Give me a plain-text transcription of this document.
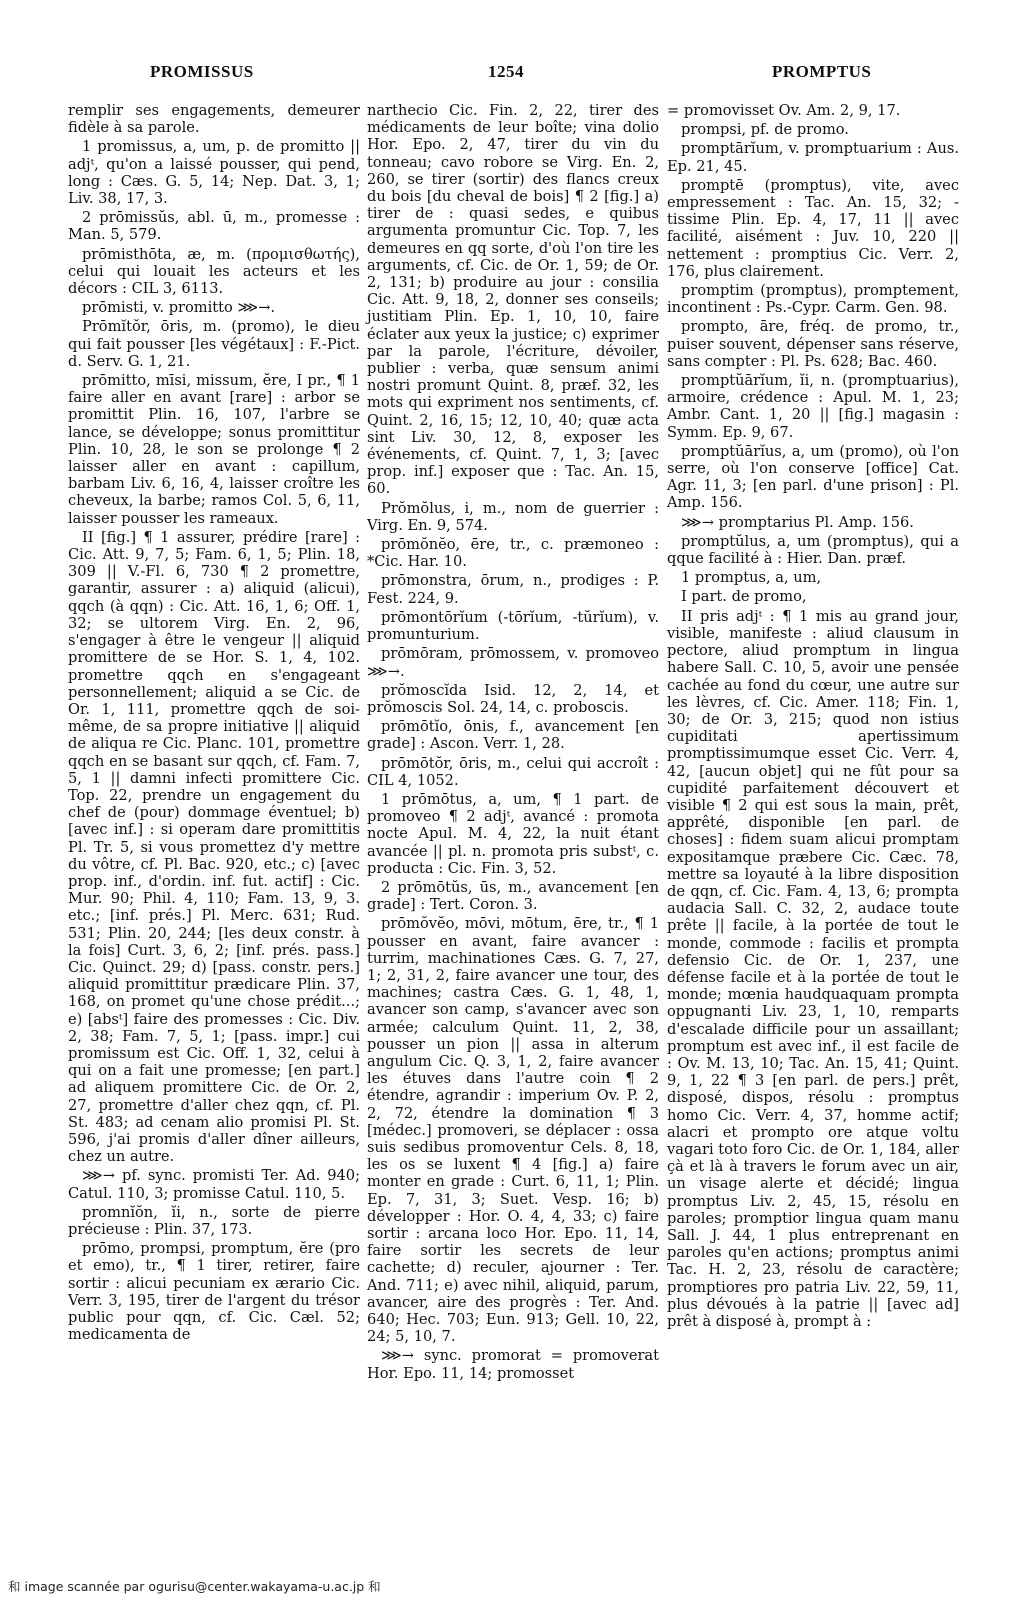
PROMISSUS	1254	PROMPTUS

remplir ses engagements, demeurer fidèle à sa parole.

1 promissus, a, um, p. de promitto || adjᵗ, qu'on a laissé pousser, qui pend, long : Cæs. G. 5, 14; Nep. Dat. 3, 1; Liv. 38, 17, 3.

2 prōmissŭs, abl. ū, m., promesse : Man. 5, 579.

prōmisthōta, æ, m. (προμισθωτής), celui qui louait les acteurs et les décors : CIL 3, 6113.

prōmisti, v. promitto ⋙→.

Prōmĭtŏr, ōris, m. (promo), le dieu qui fait pousser [les végétaux] : F.-Pict. d. Serv. G. 1, 21.

prōmitto, mīsi, missum, ĕre, I pr., ¶ 1 faire aller en avant [rare] : arbor se promittit Plin. 16, 107, l'arbre se lance, se développe; sonus promittitur Plin. 10, 28, le son se prolonge ¶ 2 laisser aller en avant : capillum, barbam Liv. 6, 16, 4, laisser croître les cheveux, la barbe; ramos Col. 5, 6, 11, laisser pousser les rameaux.

II [fig.] ¶ 1 assurer, prédire [rare] : Cic. Att. 9, 7, 5; Fam. 6, 1, 5; Plin. 18, 309 || V.-Fl. 6, 730 ¶ 2 promettre, garantir, assurer : a) aliquid (alicui), qqch (à qqn) : Cic. Att. 16, 1, 6; Off. 1, 32; se ultorem Virg. En. 2, 96, s'engager à être le vengeur || aliquid promittere de se Hor. S. 1, 4, 102. promettre qqch en s'engageant personnellement; aliquid a se Cic. de Or. 1, 111, promettre qqch de soi-même, de sa propre initiative || aliquid de aliqua re Cic. Planc. 101, promettre qqch en se basant sur qqch, cf. Fam. 7, 5, 1 || damni infecti promittere Cic. Top. 22, prendre un engagement du chef de (pour) dommage éventuel; b) [avec inf.] : si operam dare promittitis Pl. Tr. 5, si vous promettez d'y mettre du vôtre, cf. Pl. Bac. 920, etc.; c) [avec prop. inf., d'ordin. inf. fut. actif] : Cic. Mur. 90; Phil. 4, 110; Fam. 13, 9, 3. etc.; [inf. prés.] Pl. Merc. 631; Rud. 531; Plin. 20, 244; [les deux constr. à la fois] Curt. 3, 6, 2; [inf. prés. pass.] Cic. Quinct. 29; d) [pass. constr. pers.] aliquid promittitur prædicare Plin. 37, 168, on promet qu'une chose prédit...; e) [absᵗ] faire des promesses : Cic. Div. 2, 38; Fam. 7, 5, 1; [pass. impr.] cui promissum est Cic. Off. 1, 32, celui à qui on a fait une promesse; [en part.] ad aliquem promittere Cic. de Or. 2, 27, promettre d'aller chez qqn, cf. Pl. St. 483; ad cenam alio promisi Pl. St. 596, j'ai promis d'aller dîner ailleurs, chez un autre.

⋙→ pf. sync. promisti Ter. Ad. 940; Catul. 110, 3; promisse Catul. 110, 5.

promnĭŏn, ĭi, n., sorte de pierre précieuse : Plin. 37, 173.

prōmo, prompsi, promptum, ĕre (pro et emo), tr., ¶ 1 tirer, retirer, faire sortir : alicui pecuniam ex ærario Cic. Verr. 3, 195, tirer de l'argent du trésor public pour qqn, cf. Cic. Cæl. 52; medicamenta de

narthecio Cic. Fin. 2, 22, tirer des médicaments de leur boîte; vina dolio Hor. Epo. 2, 47, tirer du vin du tonneau; cavo robore se Virg. En. 2, 260, se tirer (sortir) des flancs creux du bois [du cheval de bois] ¶ 2 [fig.] a) tirer de : quasi sedes, e quibus argumenta promuntur Cic. Top. 7, les demeures en qq sorte, d'où l'on tire les arguments, cf. Cic. de Or. 1, 59; de Or. 2, 131; b) produire au jour : consilia Cic. Att. 9, 18, 2, donner ses conseils; justitiam Plin. Ep. 1, 10, 10, faire éclater aux yeux la justice; c) exprimer par la parole, l'écriture, dévoiler, publier : verba, quæ sensum animi nostri promunt Quint. 8, præf. 32, les mots qui expriment nos sentiments, cf. Quint. 2, 16, 15; 12, 10, 40; quæ acta sint Liv. 30, 12, 8, exposer les événements, cf. Quint. 7, 1, 3; [avec prop. inf.] exposer que : Tac. An. 15, 60.

Prŏmŏlus, i, m., nom de guerrier : Virg. En. 9, 574.

prōmŏnĕo, ēre, tr., c. præmoneo : *Cic. Har. 10.

prōmonstra, ōrum, n., prodiges : P. Fest. 224, 9.

prōmontōrĭum (-tōrĭum, -tŭrĭum), v. promunturium.

prōmōram, prōmossem, v. promoveo ⋙→.

prŏmoscĭda Isid. 12, 2, 14, et prŏmoscis Sol. 24, 14, c. proboscis.

prōmōtĭo, ōnis, f., avancement [en grade] : Ascon. Verr. 1, 28.

prōmōtŏr, ōris, m., celui qui accroît : CIL 4, 1052.

1 prōmōtus, a, um, ¶ 1 part. de promoveo ¶ 2 adjᵗ, avancé : promota nocte Apul. M. 4, 22, la nuit étant avancée || pl. n. promota pris substᵗ, c. producta : Cic. Fin. 3, 52.

2 prōmōtŭs, ūs, m., avancement [en grade] : Tert. Coron. 3.

prōmŏvĕo, mōvi, mōtum, ēre, tr., ¶ 1 pousser en avant, faire avancer : turrim, machinationes Cæs. G. 7, 27, 1; 2, 31, 2, faire avancer une tour, des machines; castra Cæs. G. 1, 48, 1, avancer son camp, s'avancer avec son armée; calculum Quint. 11, 2, 38, pousser un pion || assa in alterum angulum Cic. Q. 3, 1, 2, faire avancer les étuves dans l'autre coin ¶ 2 étendre, agrandir : imperium Ov. P. 2, 2, 72, étendre la domination ¶ 3 [médec.] promoveri, se déplacer : ossa suis sedibus promoventur Cels. 8, 18, les os se luxent ¶ 4 [fig.] a) faire monter en grade : Curt. 6, 11, 1; Plin. Ep. 7, 31, 3; Suet. Vesp. 16; b) développer : Hor. O. 4, 4, 33; c) faire sortir : arcana loco Hor. Epo. 11, 14, faire sortir les secrets de leur cachette; d) reculer, ajourner : Ter. And. 711; e) avec nihil, aliquid, parum, avancer, aire des progrès : Ter. And. 640; Hec. 703; Eun. 913; Gell. 10, 22, 24; 5, 10, 7.

⋙→ sync. promorat = promoverat Hor. Epo. 11, 14; promosset

= promovisset Ov. Am. 2, 9, 17.

prompsi, pf. de promo.

promptārĭum, v. promptuarium : Aus. Ep. 21, 45.

promptē (promptus), vite, avec empressement : Tac. An. 15, 32; -tissime Plin. Ep. 4, 17, 11 || avec facilité, aisément : Juv. 10, 220 || nettement : promptius Cic. Verr. 2, 176, plus clairement.

promptim (promptus), promptement, incontinent : Ps.-Cypr. Carm. Gen. 98.

prompto, āre, fréq. de promo, tr., puiser souvent, dépenser sans réserve, sans compter : Pl. Ps. 628; Bac. 460.

promptŭārĭum, ĭi, n. (promptuarius), armoire, crédence : Apul. M. 1, 23; Ambr. Cant. 1, 20 || [fig.] magasin : Symm. Ep. 9, 67.

promptŭārĭus, a, um (promo), où l'on serre, où l'on conserve [office] Cat. Agr. 11, 3; [en parl. d'une prison] : Pl. Amp. 156.

⋙→ promptarius Pl. Amp. 156.

promptŭlus, a, um (promptus), qui a qque facilité à : Hier. Dan. præf.

1 promptus, a, um,

I part. de promo,

II pris adjᵗ : ¶ 1 mis au grand jour, visible, manifeste : aliud clausum in pectore, aliud promptum in lingua habere Sall. C. 10, 5, avoir une pensée cachée au fond du cœur, une autre sur les lèvres, cf. Cic. Amer. 118; Fin. 1, 30; de Or. 3, 215; quod non istius cupiditati apertissimum promptissimumque esset Cic. Verr. 4, 42, [aucun objet] qui ne fût pour sa cupidité parfaitement découvert et visible ¶ 2 qui est sous la main, prêt, apprêté, disponible [en parl. de choses] : fidem suam alicui promptam expositamque præbere Cic. Cæc. 78, mettre sa loyauté à la libre disposition de qqn, cf. Cic. Fam. 4, 13, 6; prompta audacia Sall. C. 32, 2, audace toute prête || facile, à la portée de tout le monde, commode : facilis et prompta defensio Cic. de Or. 1, 237, une défense facile et à la portée de tout le monde; mœnia haudquaquam prompta oppugnanti Liv. 23, 1, 10, remparts d'escalade difficile pour un assaillant; promptum est avec inf., il est facile de : Ov. M. 13, 10; Tac. An. 15, 41; Quint. 9, 1, 22 ¶ 3 [en parl. de pers.] prêt, disposé, dispos, résolu : promptus homo Cic. Verr. 4, 37, homme actif; alacri et prompto ore atque voltu vagari toto foro Cic. de Or. 1, 184, aller çà et là à travers le forum avec un air, un visage alerte et décidé; lingua promptus Liv. 2, 45, 15, résolu en paroles; promptior lingua quam manu Sall. J. 44, 1 plus entreprenant en paroles qu'en actions; promptus animi Tac. H. 2, 23, résolu de caractère; promptiores pro patria Liv. 22, 59, 11, plus dévoués à la patrie || [avec ad] prêt à disposé à, prompt à :

和 image scannée par ogurisu@center.wakayama-u.ac.jp 和
